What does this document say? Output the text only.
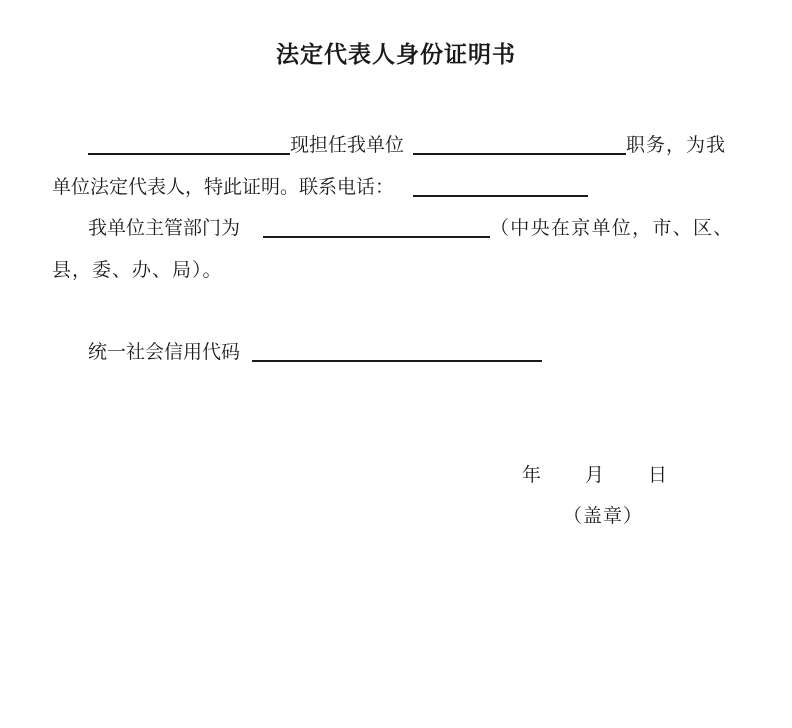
法定代表人身份证明书
现担任我单位	职务，为我
单位法定代表人，特此证明。联系电话：
我单位主管部门为	（中央在京单位，市、区、
县，委、办、局）。
统一社会信用代码
年 月 日
（盖章）
